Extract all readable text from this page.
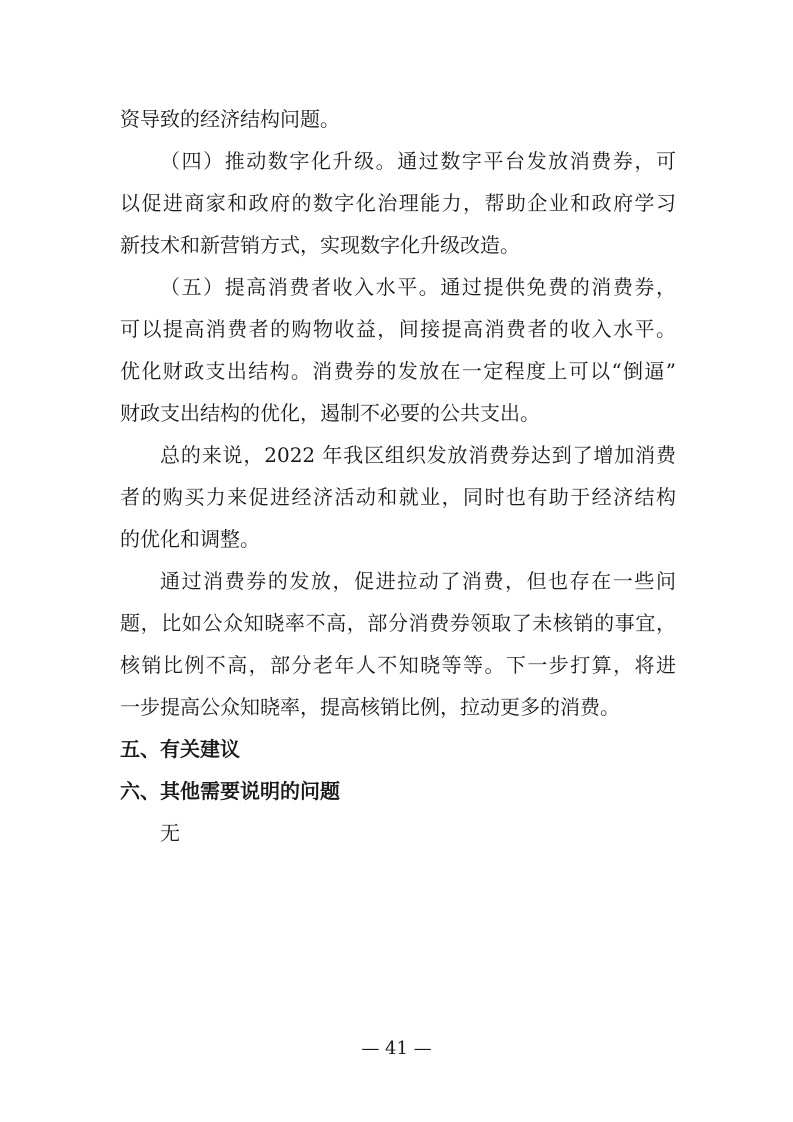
资导致的经济结构问题。
（四）推动数字化升级。通过数字平台发放消费券，可
以促进商家和政府的数字化治理能力，帮助企业和政府学习
新技术和新营销方式，实现数字化升级改造。
（五）提高消费者收入水平。通过提供免费的消费券，
可以提高消费者的购物收益，间接提高消费者的收入水平。
优化财政支出结构。消费券的发放在一定程度上可以“倒逼”
财政支出结构的优化，遏制不必要的公共支出。
总的来说，2022 年我区组织发放消费券达到了增加消费
者的购买力来促进经济活动和就业，同时也有助于经济结构
的优化和调整。
通过消费券的发放，促进拉动了消费，但也存在一些问
题，比如公众知晓率不高，部分消费券领取了未核销的事宜，
核销比例不高，部分老年人不知晓等等。下一步打算，将进
一步提高公众知晓率，提高核销比例，拉动更多的消费。
五、有关建议
六、其他需要说明的问题
无
— 41 —
